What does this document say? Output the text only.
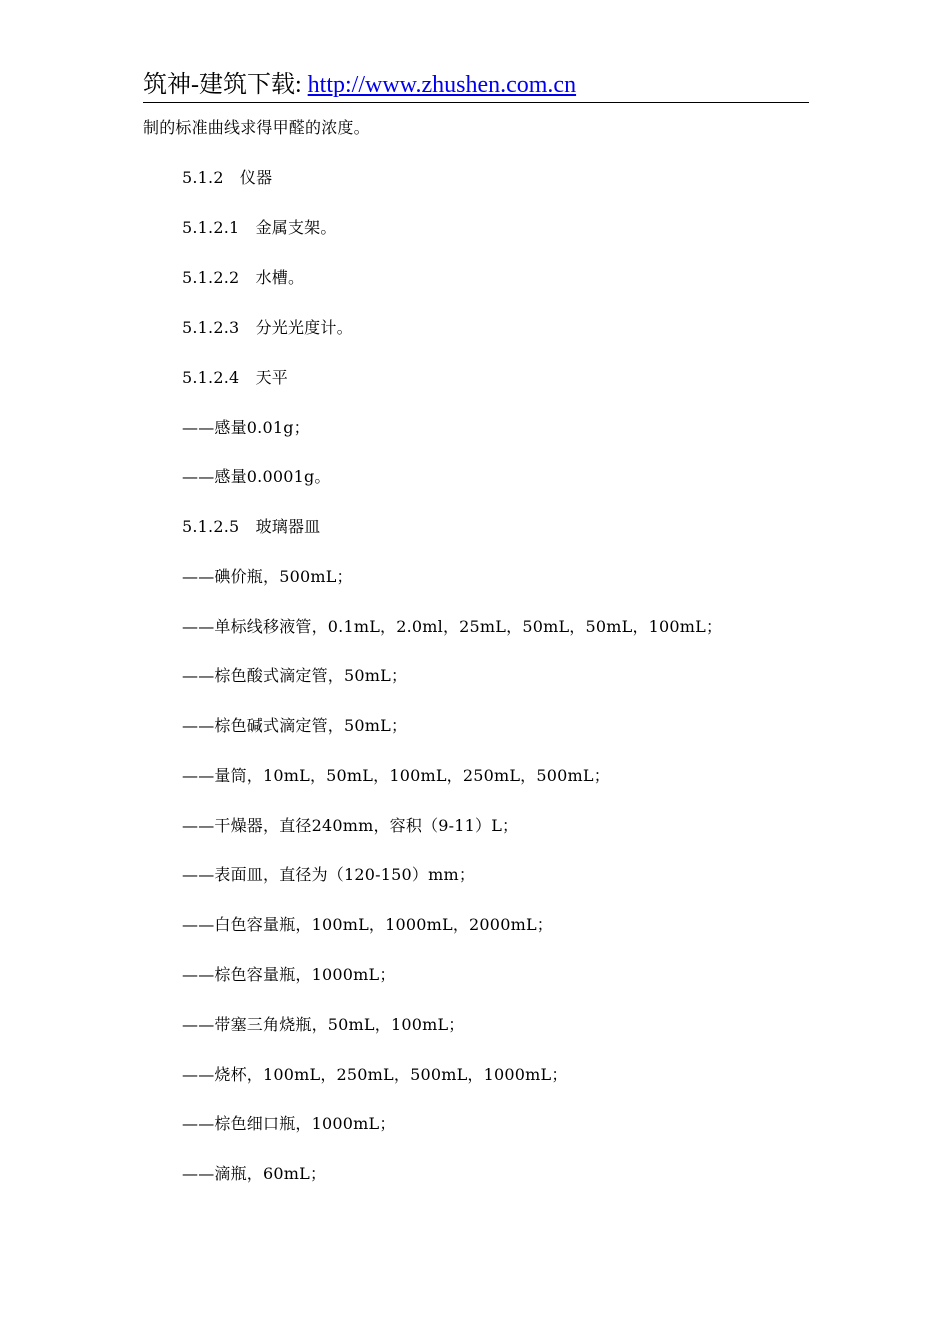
筑神-建筑下载: http://www.zhushen.com.cn
制的标准曲线求得甲醛的浓度。
5.1.2　仪器
5.1.2.1　金属支架。
5.1.2.2　水槽。
5.1.2.3　分光光度计。
5.1.2.4　天平
——感量0.01g；
——感量0.0001g。
5.1.2.5　玻璃器皿
——碘价瓶，500mL；
——单标线移液管，0.1mL，2.0ml，25mL，50mL，50mL，100mL；
——棕色酸式滴定管，50mL；
——棕色碱式滴定管，50mL；
——量筒，10mL，50mL，100mL，250mL，500mL；
——干燥器，直径240mm，容积（9-11）L；
——表面皿，直径为（120-150）mm；
——白色容量瓶，100mL，1000mL，2000mL；
——棕色容量瓶，1000mL；
——带塞三角烧瓶，50mL，100mL；
——烧杯，100mL，250mL，500mL，1000mL；
——棕色细口瓶，1000mL；
——滴瓶，60mL；
